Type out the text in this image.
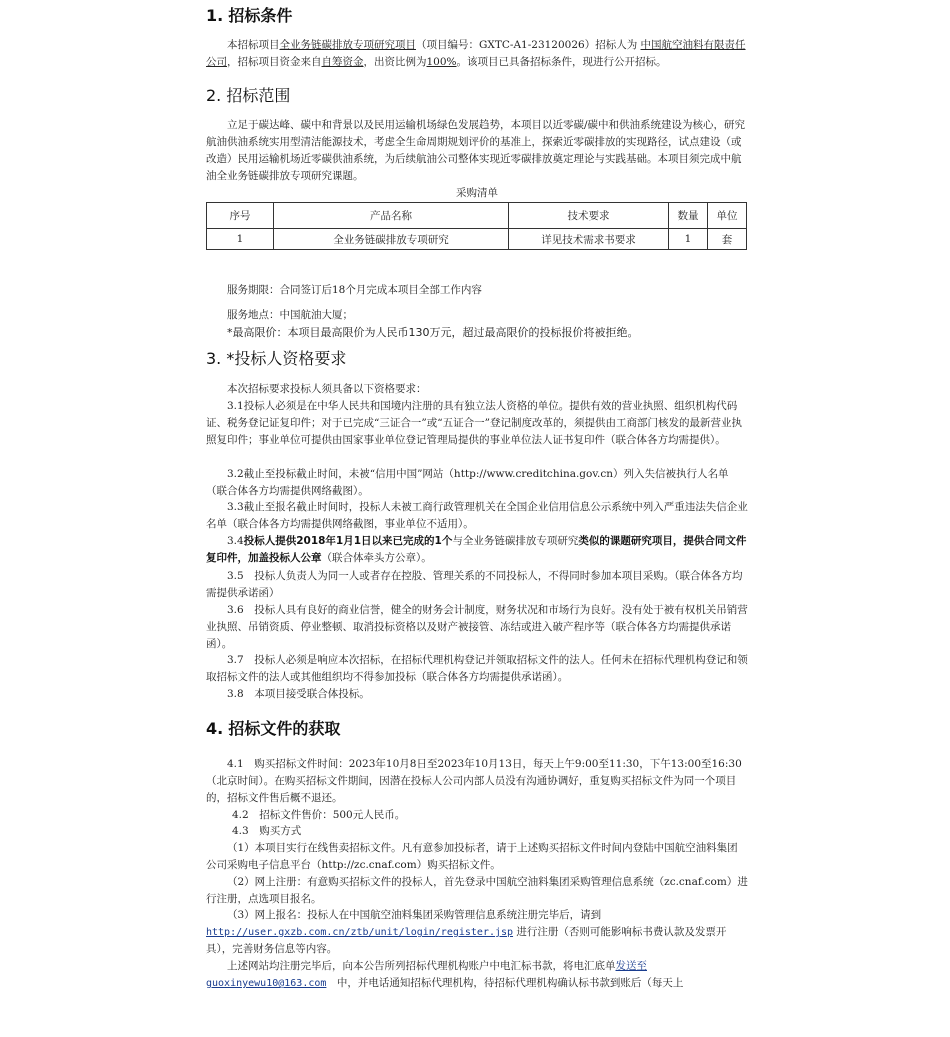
1. 招标条件

本招标项目全业务链碳排放专项研究项目（项目编号：GXTC-A1-23120026）招标人为 中国航空油料有限责任公司，招标项目资金来自自筹资金，出资比例为100%。该项目已具备招标条件，现进行公开招标。

2. 招标范围

立足于碳达峰、碳中和背景以及民用运输机场绿色发展趋势，本项目以近零碳/碳中和供油系统建设为核心，研究航油供油系统实用型清洁能源技术，考虑全生命周期规划评价的基准上，探索近零碳排放的实现路径，试点建设（或改造）民用运输机场近零碳供油系统，为后续航油公司整体实现近零碳排放奠定理论与实践基础。本项目须完成中航油全业务链碳排放专项研究课题。

采购清单

序号	产品名称	技术要求	数量	单位
1	全业务链碳排放专项研究	详见技术需求书要求	1	套

服务期限：合同签订后18个月完成本项目全部工作内容

服务地点：中国航油大厦；

*最高限价：本项目最高限价为人民币130万元，超过最高限价的投标报价将被拒绝。

3. *投标人资格要求

本次招标要求投标人须具备以下资格要求：

3.1投标人必须是在中华人民共和国境内注册的具有独立法人资格的单位。提供有效的营业执照、组织机构代码证、税务登记证复印件；对于已完成“三证合一”或“五证合一”登记制度改革的，须提供由工商部门核发的最新营业执照复印件；事业单位可提供由国家事业单位登记管理局提供的事业单位法人证书复印件（联合体各方均需提供）。

3.2截止至投标截止时间，未被“信用中国”网站（http://www.creditchina.gov.cn）列入失信被执行人名单（联合体各方均需提供网络截图）。

3.3截止至报名截止时间时，投标人未被工商行政管理机关在全国企业信用信息公示系统中列入严重违法失信企业名单（联合体各方均需提供网络截图，事业单位不适用）。

3.4投标人提供2018年1月1日以来已完成的1个与全业务链碳排放专项研究类似的课题研究项目，提供合同文件复印件，加盖投标人公章（联合体牵头方公章）。

3.5　投标人负责人为同一人或者存在控股、管理关系的不同投标人，不得同时参加本项目采购。（联合体各方均需提供承诺函）

3.6　投标人具有良好的商业信誉，健全的财务会计制度，财务状况和市场行为良好。没有处于被有权机关吊销营业执照、吊销资质、停业整顿、取消投标资格以及财产被接管、冻结或进入破产程序等（联合体各方均需提供承诺函）。

3.7　投标人必须是响应本次招标，在招标代理机构登记并领取招标文件的法人。任何未在招标代理机构登记和领取招标文件的法人或其他组织均不得参加投标（联合体各方均需提供承诺函）。

3.8　本项目接受联合体投标。

4. 招标文件的获取

4.1　购买招标文件时间：2023年10月8日至2023年10月13日，每天上午9:00至11:30，下午13:00至16:30（北京时间）。在购买招标文件期间，因潜在投标人公司内部人员没有沟通协调好，重复购买招标文件为同一个项目的，招标文件售后概不退还。

4.2　招标文件售价：500元人民币。

4.3　购买方式

（1）本项目实行在线售卖招标文件。凡有意参加投标者，请于上述购买招标文件时间内登陆中国航空油料集团公司采购电子信息平台（http://zc.cnaf.com）购买招标文件。

（2）网上注册：有意购买招标文件的投标人，首先登录中国航空油料集团采购管理信息系统（zc.cnaf.com）进行注册，点选项目报名。

（3）网上报名：投标人在中国航空油料集团采购管理信息系统注册完毕后，请到 http://user.gxzb.com.cn/ztb/unit/login/register.jsp 进行注册（否则可能影响标书费认款及发票开具），完善财务信息等内容。

上述网站均注册完毕后，向本公告所列招标代理机构账户中电汇标书款，将电汇底单发送至 guoxinyewu10@163.com　 中，并电话通知招标代理机构，待招标代理机构确认标书款到账后（每天上
